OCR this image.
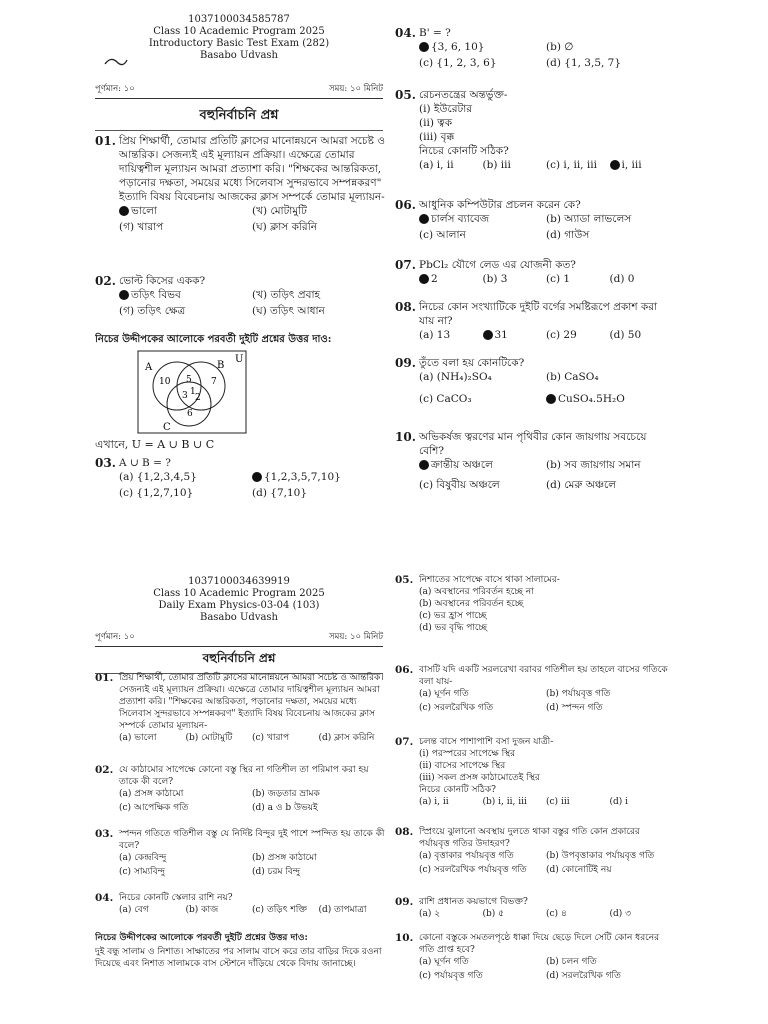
1037100034585787
Class 10 Academic Program 2025
Introductory Basic Test Exam (282)
Basabo Udvash
পূর্ণমান: ১০	সময়: ১০ মিনিট
বহুনির্বাচনি প্রশ্ন
01. প্রিয় শিক্ষার্থী, তোমার প্রতিটি ক্লাসের মানোন্নয়নে আমরা সচেষ্ট ও আন্তরিক। সেজন্যই এই মূল্যায়ন প্রক্রিয়া। এক্ষেত্রে তোমার দায়িত্বশীল মূল্যায়ন আমরা প্রত্যাশা করি। "শিক্ষকের আন্তরিকতা, পড়ানোর দক্ষতা, সময়ের মধ্যে সিলেবাস সুন্দরভাবে সম্পন্নকরণ" ইত্যাদি বিষয় বিবেচনায় আজকের ক্লাস সম্পর্কে তোমার মূল্যায়ন-
ভালো	(খ) মোটামুটি
(গ) খারাপ	(ঘ) ক্লাস করিনি
02. ভোল্ট কিসের একক?
তড়িৎ বিভব	(খ) তড়িৎ প্রবাহ
(গ) তড়িৎ ক্ষেত্র	(ঘ) তড়িৎ আধান
নিচের উদ্দীপকের আলোকে পরবর্তী দুইটি প্রশ্নের উত্তর দাও:
A	B
C
U
10 5 7
3 1
2
6
এখানে, U = A ∪ B ∪ C
03. A ∪ B = ?
(a) {1,2,3,4,5}	{1,2,3,5,7,10}
(c) {1,2,7,10}	(d) {7,10}
04. B' = ?
{3, 6, 10}	(b) ∅
(c) {1, 2, 3, 6}	(d) {1, 3,5, 7}
05. রেচনতন্ত্রের অন্তর্ভুক্ত-
(i) ইউরেটার
(ii) ত্বক
(iii) বৃক্ক
নিচের কোনটি সঠিক?
(a) i, ii	(b) iii	(c) i, ii, iii	i, iii
06. আধুনিক কম্পিউটার প্রচলন করেন কে?
চার্লস ব্যাবেজ	(b) অ্যাডা লাভলেস
(c) আলান	(d) গাউস
07. PbCl₂ যৌগে লেড এর যোজনী কত?
2	(b) 3	(c) 1	(d) 0
08. নিচের কোন সংখ্যাটিকে দুইটি বর্গের সমষ্টিরূপে প্রকাশ করা যায় না?
(a) 13	31	(c) 29	(d) 50
09. তুঁতে বলা হয় কোনটিকে?
(a) (NH₄)₂SO₄	(b) CaSO₄
(c) CaCO₃	CuSO₄.5H₂O
10. অভিকর্ষজ ত্বরণের মান পৃথিবীর কোন জায়গায় সবচেয়ে বেশি?
ক্রান্তীয় অঞ্চলে	(b) সব জায়গায় সমান
(c) বিষুবীয় অঞ্চলে	(d) মেরু অঞ্চলে
1037100034639919
Class 10 Academic Program 2025
Daily Exam Physics-03-04 (103)
Basabo Udvash
পূর্ণমান: ১০	সময়: ১০ মিনিট
বহুনির্বাচনি প্রশ্ন
01. প্রিয় শিক্ষার্থী, তোমার প্রতিটি ক্লাসের মানোন্নয়নে আমরা সচেষ্ট ও আন্তরিক। সেজন্যই এই মূল্যায়ন প্রক্রিয়া। এক্ষেত্রে তোমার দায়িত্বশীল মূল্যায়ন আমরা প্রত্যাশা করি। "শিক্ষকের আন্তরিকতা, পড়ানোর দক্ষতা, সময়ের মধ্যে সিলেবাস সুন্দরভাবে সম্পন্নকরণ" ইত্যাদি বিষয় বিবেচনায় আজকের ক্লাস সম্পর্কে তোমার মূল্যায়ন-
(a) ভালো	(b) মোটামুটি	(c) খারাপ	(d) ক্লাস করিনি
02. যে কাঠামোর সাপেক্ষে কোনো বস্তু স্থির না গতিশীল তা পরিমাপ করা হয় তাকে কী বলে?
(a) প্রসঙ্গ কাঠামো	(b) জড়তার ভ্রামক
(c) আপেক্ষিক গতি	(d) a ও b উভয়ই
03. স্পন্দন গতিতে গতিশীল বস্তু যে নির্দিষ্ট বিন্দুর দুই পাশে স্পন্দিত হয় তাকে কী বলে?
(a) কেন্দ্রবিন্দু	(b) প্রসঙ্গ কাঠামো
(c) সাম্যবিন্দু	(d) চরম বিন্দু
04. নিচের কোনটি স্কেলার রাশি নয়?
(a) বেগ	(b) কাজ	(c) তড়িৎ শক্তি	(d) তাপমাত্রা
নিচের উদ্দীপকের আলোকে পরবর্তী দুইটি প্রশ্নের উত্তর দাও:
দুই বন্ধু সালাম ও নিশাত। সাক্ষাতের পর সালাম বাসে করে তার বাড়ির দিকে রওনা দিয়েছে এবং নিশাত সালামকে বাস স্টেশনে দাঁড়িয়ে থেকে বিদায় জানাচ্ছে।
05. নিশাতের সাপেক্ষে বাসে থাকা সালামের-
(a) অবস্থানের পরিবর্তন হচ্ছে না
(b) অবস্থানের পরিবর্তন হচ্ছে
(c) ভর হ্রাস পাচ্ছে
(d) ভর বৃদ্ধি পাচ্ছে
06. বাসটি যদি একটি সরলরেখা বরাবর গতিশীল হয় তাহলে বাসের গতিকে বলা যায়-
(a) ঘূর্ণন গতি	(b) পর্যায়বৃত্ত গতি
(c) সরলরৈখিক গতি	(d) স্পন্দন গতি
07. চলন্ত বাসে পাশাপাশি বসা দুজন যাত্রী-
(i) পরস্পরের সাপেক্ষে স্থির
(ii) বাসের সাপেক্ষে স্থির
(iii) সকল প্রসঙ্গ কাঠামোতেই স্থির
নিচের কোনটি সঠিক?
(a) i, ii	(b) i, ii, iii	(c) iii	(d) i
08. স্প্রিংয়ে ঝুলানো অবস্থায় দুলতে থাকা বস্তুর গতি কোন প্রকারের পর্যায়বৃত্ত গতির উদাহরণ?
(a) বৃত্তাকার পর্যায়বৃত্ত গতি	(b) উপবৃত্তাকার পর্যায়বৃত্ত গতি
(c) সরলরৈখিক পর্যায়বৃত্ত গতি	(d) কোনোটিই নয়
09. রাশি প্রধানত কয়ভাগে বিভক্ত?
(a) ২	(b) ৫	(c) ৪	(d) ৩
10. কোনো বস্তুকে সমতলপৃষ্ঠে ধাক্কা দিয়ে ছেড়ে দিলে সেটি কোন ধরনের গতি প্রাপ্ত হবে?
(a) ঘূর্ণন গতি	(b) চলন গতি
(c) পর্যায়বৃত্ত গতি	(d) সরলরৈখিক গতি
